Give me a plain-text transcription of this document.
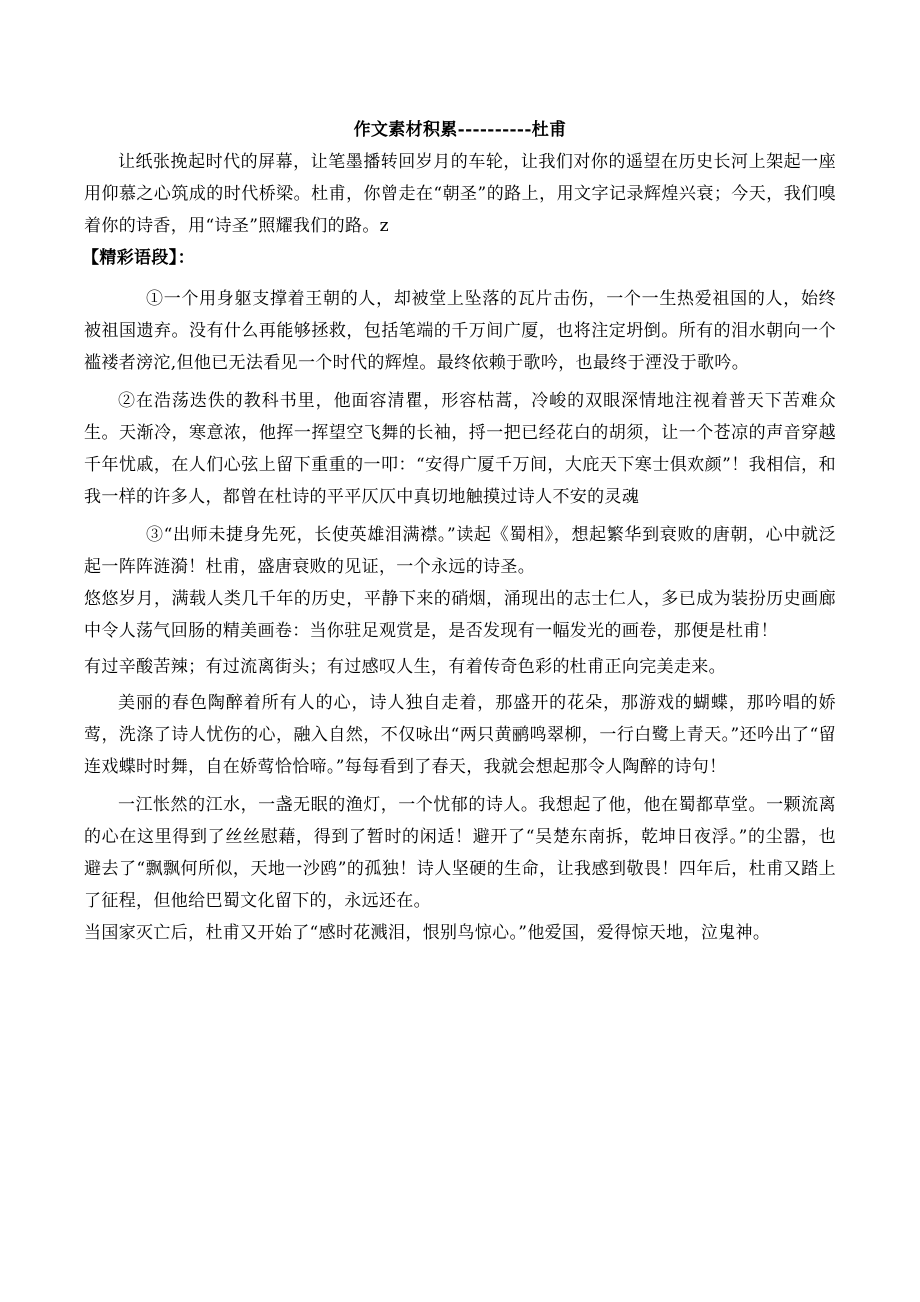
作文素材积累----------杜甫

让纸张挽起时代的屏幕，让笔墨播转回岁月的车轮，让我们对你的遥望在历史长河上架起一座用仰慕之心筑成的时代桥梁。杜甫，你曾走在“朝圣”的路上，用文字记录辉煌兴衰；今天，我们嗅着你的诗香，用“诗圣”照耀我们的路。z

【精彩语段】：

①一个用身躯支撑着王朝的人，却被堂上坠落的瓦片击伤，一个一生热爱祖国的人，始终被祖国遗弃。没有什么再能够拯救，包括笔端的千万间广厦，也将注定坍倒。所有的泪水朝向一个褴褛者滂沱,但他已无法看见一个时代的辉煌。最终依赖于歌吟，也最终于湮没于歌吟。

②在浩荡迭佚的教科书里，他面容清瞿，形容枯蒿，冷峻的双眼深情地注视着普天下苦难众生。天渐冷，寒意浓，他挥一挥望空飞舞的长袖，捋一把已经花白的胡须，让一个苍凉的声音穿越千年忧戚，在人们心弦上留下重重的一叩：“安得广厦千万间，大庇天下寒士俱欢颜”！我相信，和我一样的许多人，都曾在杜诗的平平仄仄中真切地触摸过诗人不安的灵魂

③“出师未捷身先死，长使英雄泪满襟。”读起《蜀相》，想起繁华到衰败的唐朝，心中就泛起一阵阵涟漪！杜甫，盛唐衰败的见证，一个永远的诗圣。

悠悠岁月，满载人类几千年的历史，平静下来的硝烟，涌现出的志士仁人，多已成为装扮历史画廊中令人荡气回肠的精美画卷：当你驻足观赏是，是否发现有一幅发光的画卷，那便是杜甫！

有过辛酸苦辣；有过流离街头；有过感叹人生，有着传奇色彩的杜甫正向完美走来。

美丽的春色陶醉着所有人的心，诗人独自走着，那盛开的花朵，那游戏的蝴蝶，那吟唱的娇莺，洗涤了诗人忧伤的心，融入自然，不仅咏出“两只黄鹂鸣翠柳，一行白鹭上青天。”还吟出了“留连戏蝶时时舞，自在娇莺恰恰啼。”每每看到了春天，我就会想起那令人陶醉的诗句！

一江怅然的江水，一盏无眠的渔灯，一个忧郁的诗人。我想起了他，他在蜀都草堂。一颗流离的心在这里得到了丝丝慰藉，得到了暂时的闲适！避开了“吴楚东南拆，乾坤日夜浮。”的尘嚣，也避去了“飘飘何所似，天地一沙鸥”的孤独！诗人坚硬的生命，让我感到敬畏！四年后，杜甫又踏上了征程，但他给巴蜀文化留下的，永远还在。

当国家灭亡后，杜甫又开始了“感时花溅泪，恨别鸟惊心。”他爱国，爱得惊天地，泣鬼神。
